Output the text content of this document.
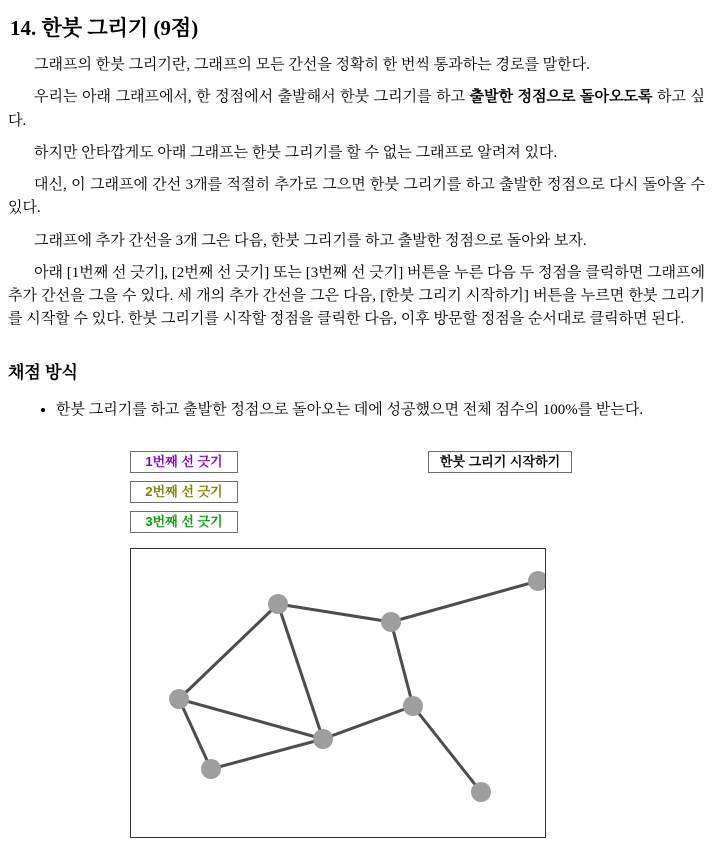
14. 한붓 그리기 (9점)

그래프의 한붓 그리기란, 그래프의 모든 간선을 정확히 한 번씩 통과하는 경로를 말한다.

우리는 아래 그래프에서, 한 정점에서 출발해서 한붓 그리기를 하고 출발한 정점으로 돌아오도록 하고 싶다.

하지만 안타깝게도 아래 그래프는 한붓 그리기를 할 수 없는 그래프로 알려져 있다.

대신, 이 그래프에 간선 3개를 적절히 추가로 그으면 한붓 그리기를 하고 출발한 정점으로 다시 돌아올 수 있다.

그래프에 추가 간선을 3개 그은 다음, 한붓 그리기를 하고 출발한 정점으로 돌아와 보자.

아래 [1번째 선 긋기], [2번째 선 긋기] 또는 [3번째 선 긋기] 버튼을 누른 다음 두 정점을 클릭하면 그래프에 추가 간선을 그을 수 있다. 세 개의 추가 간선을 그은 다음, [한붓 그리기 시작하기] 버튼을 누르면 한붓 그리기를 시작할 수 있다. 한붓 그리기를 시작할 정점을 클릭한 다음, 이후 방문할 정점을 순서대로 클릭하면 된다.

채점 방식
• 한붓 그리기를 하고 출발한 정점으로 돌아오는 데에 성공했으면 전체 점수의 100%를 받는다.
1번째 선 긋기
2번째 선 긋기
3번째 선 긋기
한붓 그리기 시작하기
